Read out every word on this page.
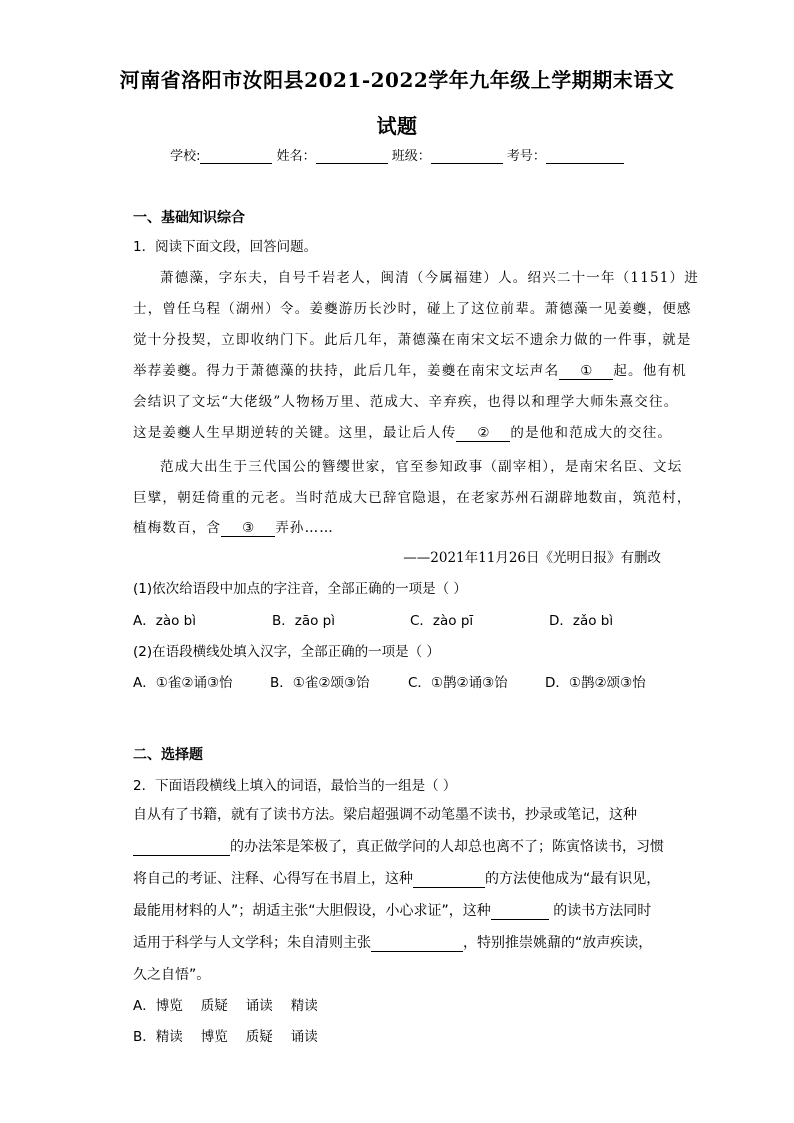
河南省洛阳市汝阳县2021-2022学年九年级上学期期末语文
试题
学校:	姓名：	班级：	考号：
一、基础知识综合
1．阅读下面文段，回答问题。
萧德藻，字东夫，自号千岩老人，闽清（今属福建）人。绍兴二十一年（1151）进
士，曾任乌程（湖州）令。姜夔游历长沙时，碰上了这位前辈。萧德藻一见姜夔，便感
觉十分投契，立即收纳门下。此后几年，萧德藻在南宋文坛不遗余力做的一件事，就是
举荐姜夔。得力于萧德藻的扶持，此后几年，姜夔在南宋文坛声名 ① 起。他有机
会结识了文坛“大佬级”人物杨万里、范成大、辛弃疾，也得以和理学大师朱熹交往。
这是姜夔人生早期逆转的关键。这里，最让后人传 ② 的是他和范成大的交往。
范成大出生于三代国公的簪缨世家，官至参知政事（副宰相），是南宋名臣、文坛
巨擘，朝廷倚重的元老。当时范成大已辞官隐退，在老家苏州石湖辟地数亩，筑范村，
植梅数百，含 ③ 弄孙……
——2021年11月26日《光明日报》有删改
(1)依次给语段中加点的字注音，全部正确的一项是（ ）
A．zào bì	B．zāo pì	C．zào pī	D．zǎo bì
(2)在语段横线处填入汉字，全部正确的一项是（ ）
A．①雀②诵③怡	B．①雀②颂③饴	C．①鹊②诵③饴	D．①鹊②颂③怡
二、选择题
2．下面语段横线上填入的词语，最恰当的一组是（ ）
自从有了书籍，就有了读书方法。梁启超强调不动笔墨不读书，抄录或笔记，这种
的办法笨是笨极了，真正做学问的人却总也离不了；陈寅恪读书，习惯
将自己的考证、注释、心得写在书眉上，这种	的方法使他成为“最有识见，
最能用材料的人”；胡适主张“大胆假设，小心求证”，这种	的读书方法同时
适用于科学与人文学科；朱自清则主张	，特别推崇姚鼐的“放声疾读，
久之自悟”。
A．博览 质疑 诵读 精读
B．精读 博览 质疑 诵读
